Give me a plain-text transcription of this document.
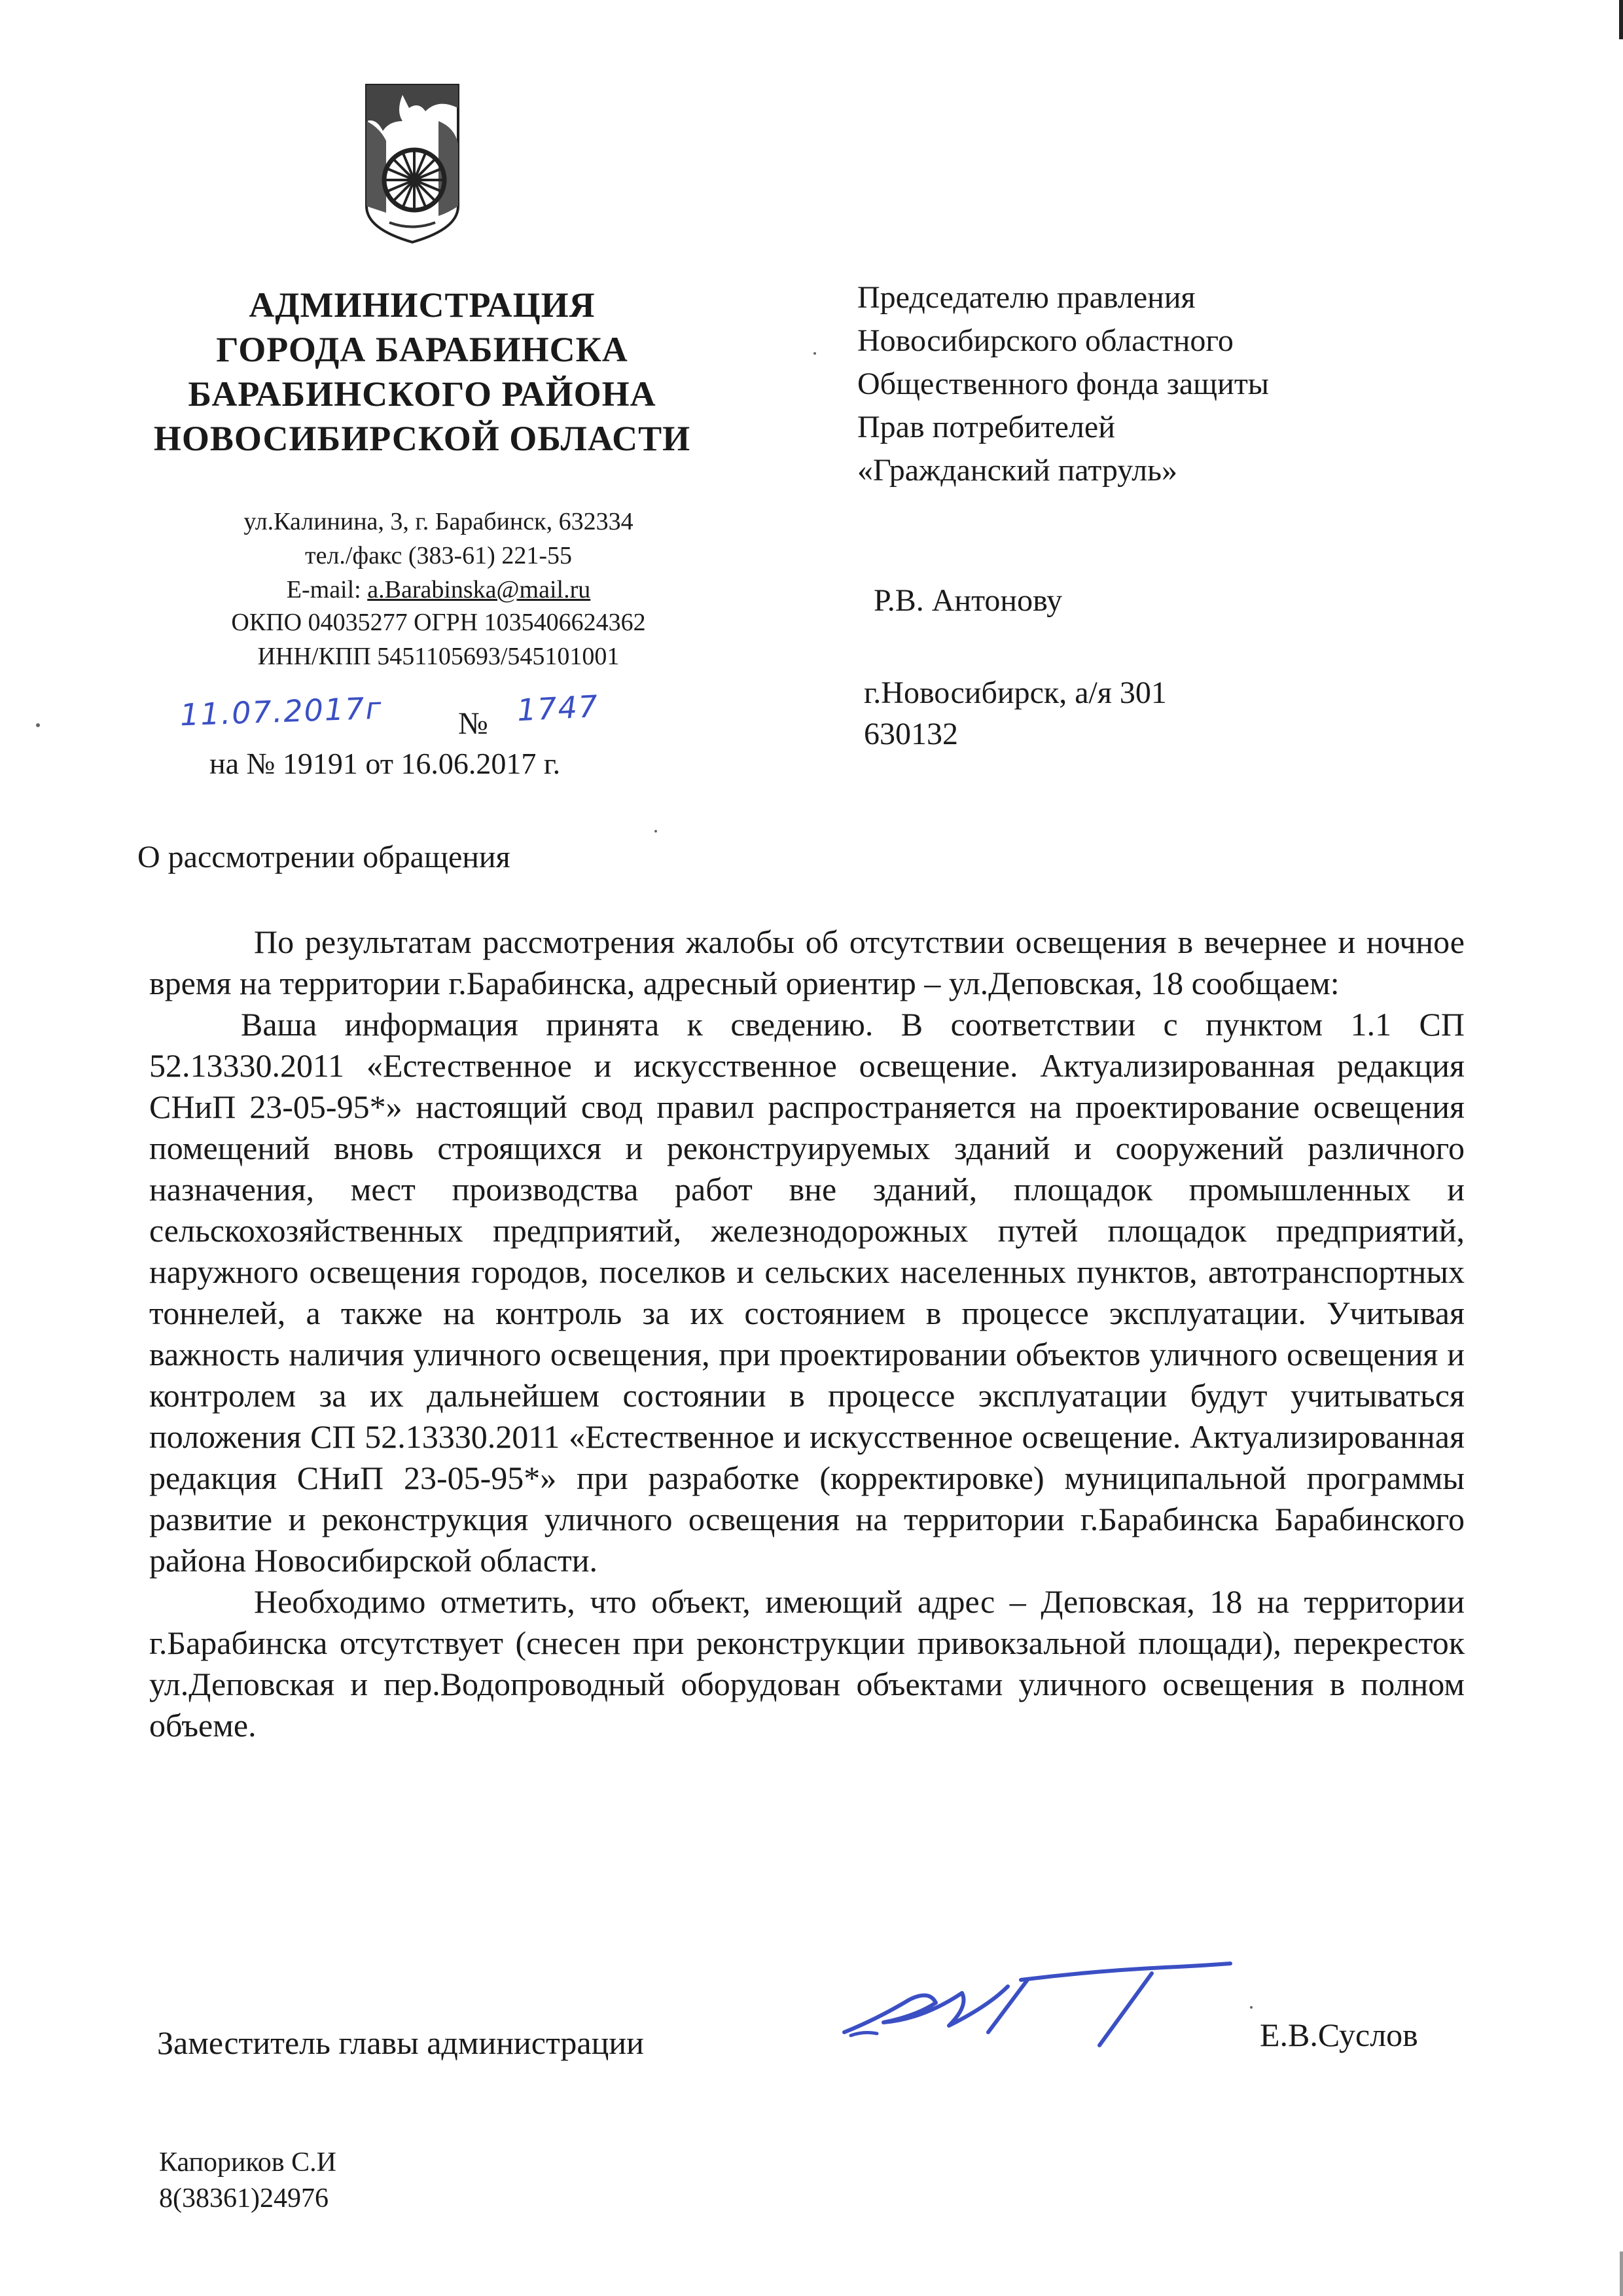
АДМИНИСТРАЦИЯ
ГОРОДА БАРАБИНСКА
БАРАБИНСКОГО РАЙОНА
НОВОСИБИРСКОЙ ОБЛАСТИ
ул.Калинина, 3, г. Барабинск, 632334
тел./факс (383-61) 221-55
E-mail: a.Barabinska@mail.ru
ОКПО 04035277 ОГРН 1035406624362
ИНН/КПП 5451105693/545101001
11.07.2017г № 1747
на № 19191 от 16.06.2017 г.
Председателю правления
Новосибирского областного
Общественного фонда защиты
Прав потребителей
«Гражданский патруль»
Р.В. Антонову
г.Новосибирск, а/я 301
630132
О рассмотрении обращения

По результатам рассмотрения жалобы об отсутствии освещения в вечернее и ночное время на территории г.Барабинска, адресный ориентир – ул.Деповская, 18 сообщаем:

Ваша информация принята к сведению. В соответствии с пунктом 1.1 СП 52.13330.2011 «Естественное и искусственное освещение. Актуализированная редакция СНиП 23-05-95*» настоящий свод правил распространяется на проектирование освещения помещений вновь строящихся и реконструируемых зданий и сооружений различного назначения, мест производства работ вне зданий, площадок промышленных и сельскохозяйственных предприятий, железнодорожных путей площадок предприятий, наружного освещения городов, поселков и сельских населенных пунктов, автотранспортных тоннелей, а также на контроль за их состоянием в процессе эксплуатации. Учитывая важность наличия уличного освещения, при проектировании объектов уличного освещения и контролем за их дальнейшем состоянии в процессе эксплуатации будут учитываться положения СП 52.13330.2011 «Естественное и искусственное освещение. Актуализированная редакция СНиП 23-05-95*» при разработке (корректировке) муниципальной программы развитие и реконструкция уличного освещения на территории г.Барабинска Барабинского района Новосибирской области.

Необходимо отметить, что объект, имеющий адрес – Деповская, 18 на территории г.Барабинска отсутствует (снесен при реконструкции привокзальной площади), перекресток ул.Деповская и пер.Водопроводный оборудован объектами уличного освещения в полном объеме.

Заместитель главы администрации	Е.В.Суслов
Капориков С.И
8(38361)24976
